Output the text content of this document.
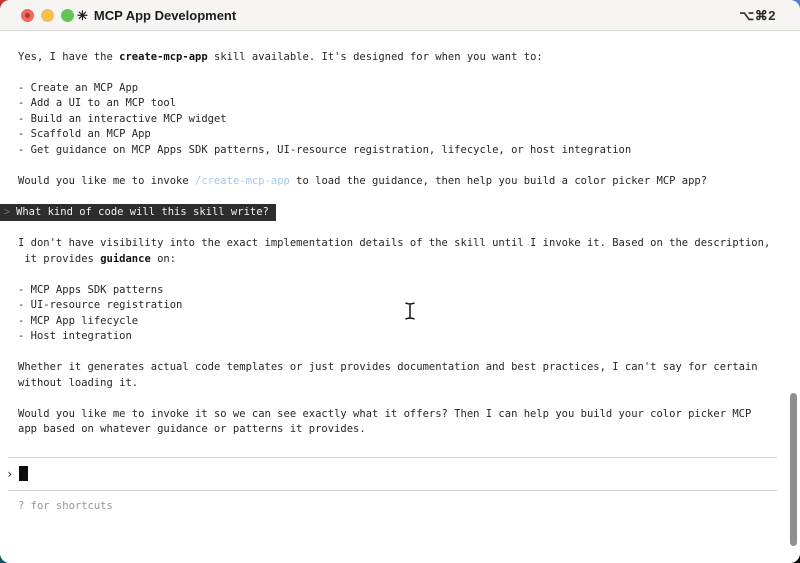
✳ MCP App Development	⌥⌘2
Yes, I have the create-mcp-app skill available. It's designed for when you want to:
- Create an MCP App
- Add a UI to an MCP tool
- Build an interactive MCP widget
- Scaffold an MCP App
- Get guidance on MCP Apps SDK patterns, UI-resource registration, lifecycle, or host integration
Would you like me to invoke /create-mcp-app to load the guidance, then help you build a color picker MCP app?
> What kind of code will this skill write?
I don't have visibility into the exact implementation details of the skill until I invoke it. Based on the description,
it provides guidance on:
- MCP Apps SDK patterns
- UI-resource registration
- MCP App lifecycle
- Host integration
Whether it generates actual code templates or just provides documentation and best practices, I can't say for certain
without loading it.
Would you like me to invoke it so we can see exactly what it offers? Then I can help you build your color picker MCP
app based on whatever guidance or patterns it provides.
›
? for shortcuts
